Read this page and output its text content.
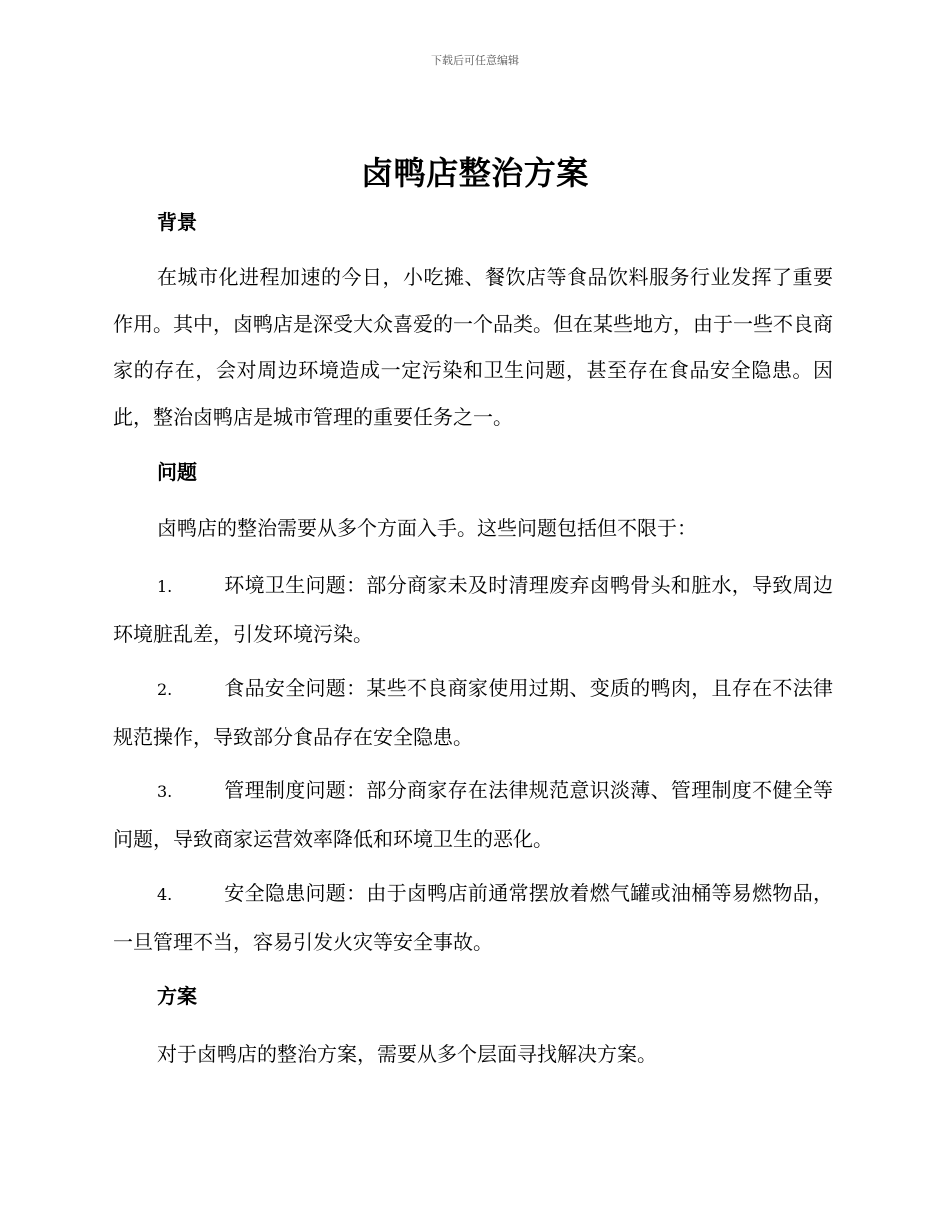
下载后可任意编辑
卤鸭店整治方案
背景

在城市化进程加速的今日，小吃摊、餐饮店等食品饮料服务行业发挥了重要作用。其中，卤鸭店是深受大众喜爱的一个品类。但在某些地方，由于一些不良商家的存在，会对周边环境造成一定污染和卫生问题，甚至存在食品安全隐患。因此，整治卤鸭店是城市管理的重要任务之一。

问题

卤鸭店的整治需要从多个方面入手。这些问题包括但不限于：

1.	环境卫生问题：部分商家未及时清理废弃卤鸭骨头和脏水，导致周边环境脏乱差，引发环境污染。

2.	食品安全问题：某些不良商家使用过期、变质的鸭肉，且存在不法律规范操作，导致部分食品存在安全隐患。

3.	管理制度问题：部分商家存在法律规范意识淡薄、管理制度不健全等问题，导致商家运营效率降低和环境卫生的恶化。

4.	安全隐患问题：由于卤鸭店前通常摆放着燃气罐或油桶等易燃物品，一旦管理不当，容易引发火灾等安全事故。

方案

对于卤鸭店的整治方案，需要从多个层面寻找解决方案。
